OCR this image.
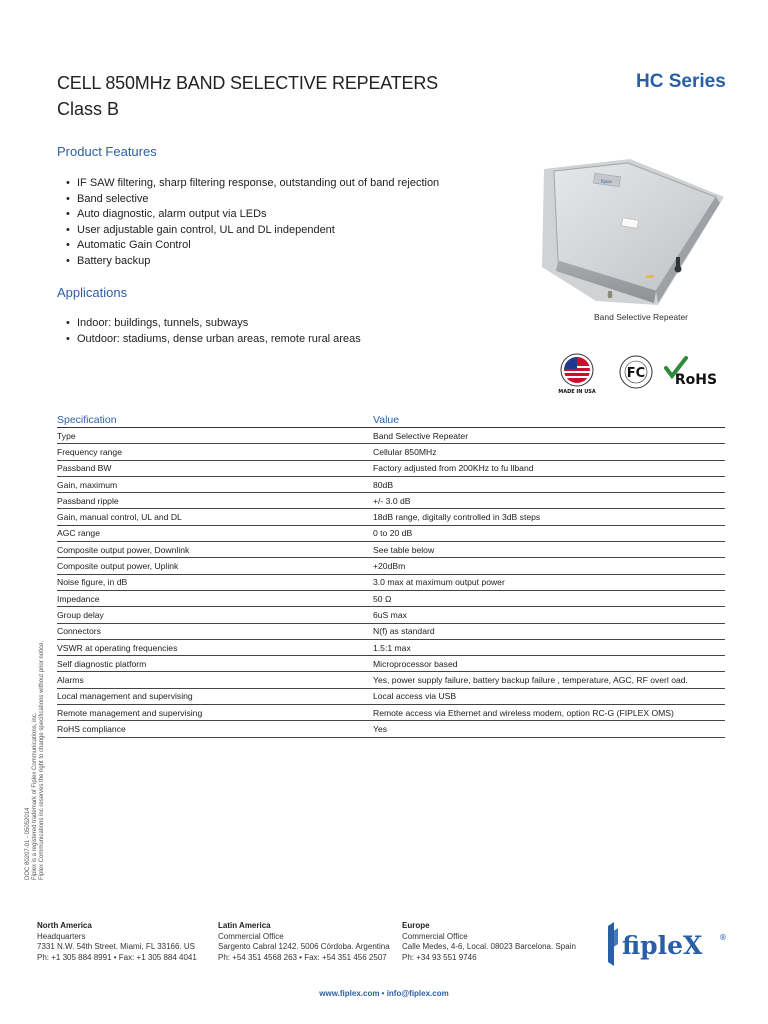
CELL 850MHz BAND SELECTIVE REPEATERS
Class B
HC Series
Product Features
• IF SAW filtering, sharp filtering response, outstanding out of band rejection
• Band selective
• Auto diagnostic, alarm output via LEDs
• User adjustable gain control, UL and DL independent
• Automatic Gain Control
• Battery backup
Applications
• Indoor: buildings, tunnels, subways
• Outdoor: stadiums, dense urban areas, remote rural areas
fiplex
Band Selective Repeater
MADE IN USA
FC RoHS
Specification	Value
Type	Band Selective Repeater
Frequency range	Cellular 850MHz
Passband BW	Factory adjusted from 200KHz to fu llband
Gain, maximum	80dB
Passband ripple	+/- 3.0 dB
Gain, manual control, UL and DL	18dB range, digitally controlled in 3dB steps
AGC range	0 to 20 dB
Composite output power, Downlink	See table below
Composite output power, Uplink	+20dBm
Noise figure, in dB	3.0 max at maximum output power
Impedance	50 Ω
Group delay	6uS max
Connectors	N(f) as standard
VSWR at operating frequencies	1.5:1 max
Self diagnostic platform	Microprocessor based
Alarms	Yes, power supply failure, battery backup failure , temperature, AGC, RF overl oad.
Local management and supervising	Local access via USB
Remote management and supervising	Remote access via Ethernet and wireless modem, option RC-G (FIPLEX OMS)
RoHS compliance	Yes
DOC 80207-01 - 05052014 Fiplex is a registered trademark of Fiplex Communications, inc. Fiplex Communications inc reserves the right to change specifications without prior notice.
North America
Headquarters
7331 N.W. 54th Street. Miami, FL 33166. US
Ph: +1 305 884 8991 • Fax: +1 305 884 4041
Latin America
Commercial Office
Sargento Cabral 1242. 5006 Córdoba. Argentina
Ph: +54 351 4568 263 • Fax: +54 351 456 2507
Europe
Commercial Office
Calle Medes, 4-6, Local. 08023 Barcelona. Spain
Ph: +34 93 551 9746	fipleX ®
www.fiplex.com • info@fiplex.com
